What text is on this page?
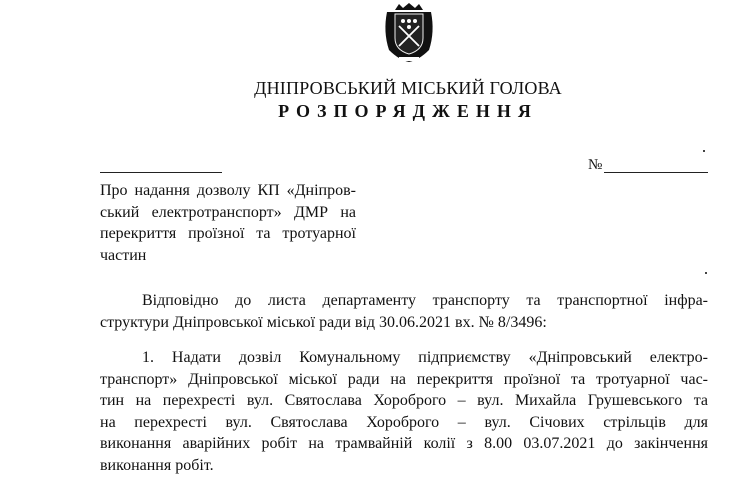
ДНІПРОВСЬКИЙ МІСЬКИЙ ГОЛОВА
РОЗПОРЯДЖЕННЯ
№
Про надання дозволу КП «Дніпров-
ський електротранспорт» ДМР на
перекриття проїзної та тротуарної
частин
Відповідно до листа департаменту транспорту та транспортної інфра-
структури Дніпровської міської ради від 30.06.2021 вх. № 8/3496:
1. Надати дозвіл Комунальному підприємству «Дніпровський електро-
транспорт» Дніпровської міської ради на перекриття проїзної та тротуарної час-
тин на перехресті вул. Святослава Хороброго – вул. Михайла Грушевського та
на перехресті вул. Святослава Хороброго – вул. Січових стрільців для
виконання аварійних робіт на трамвайній колії з 8.00 03.07.2021 до закінчення
виконання робіт.
